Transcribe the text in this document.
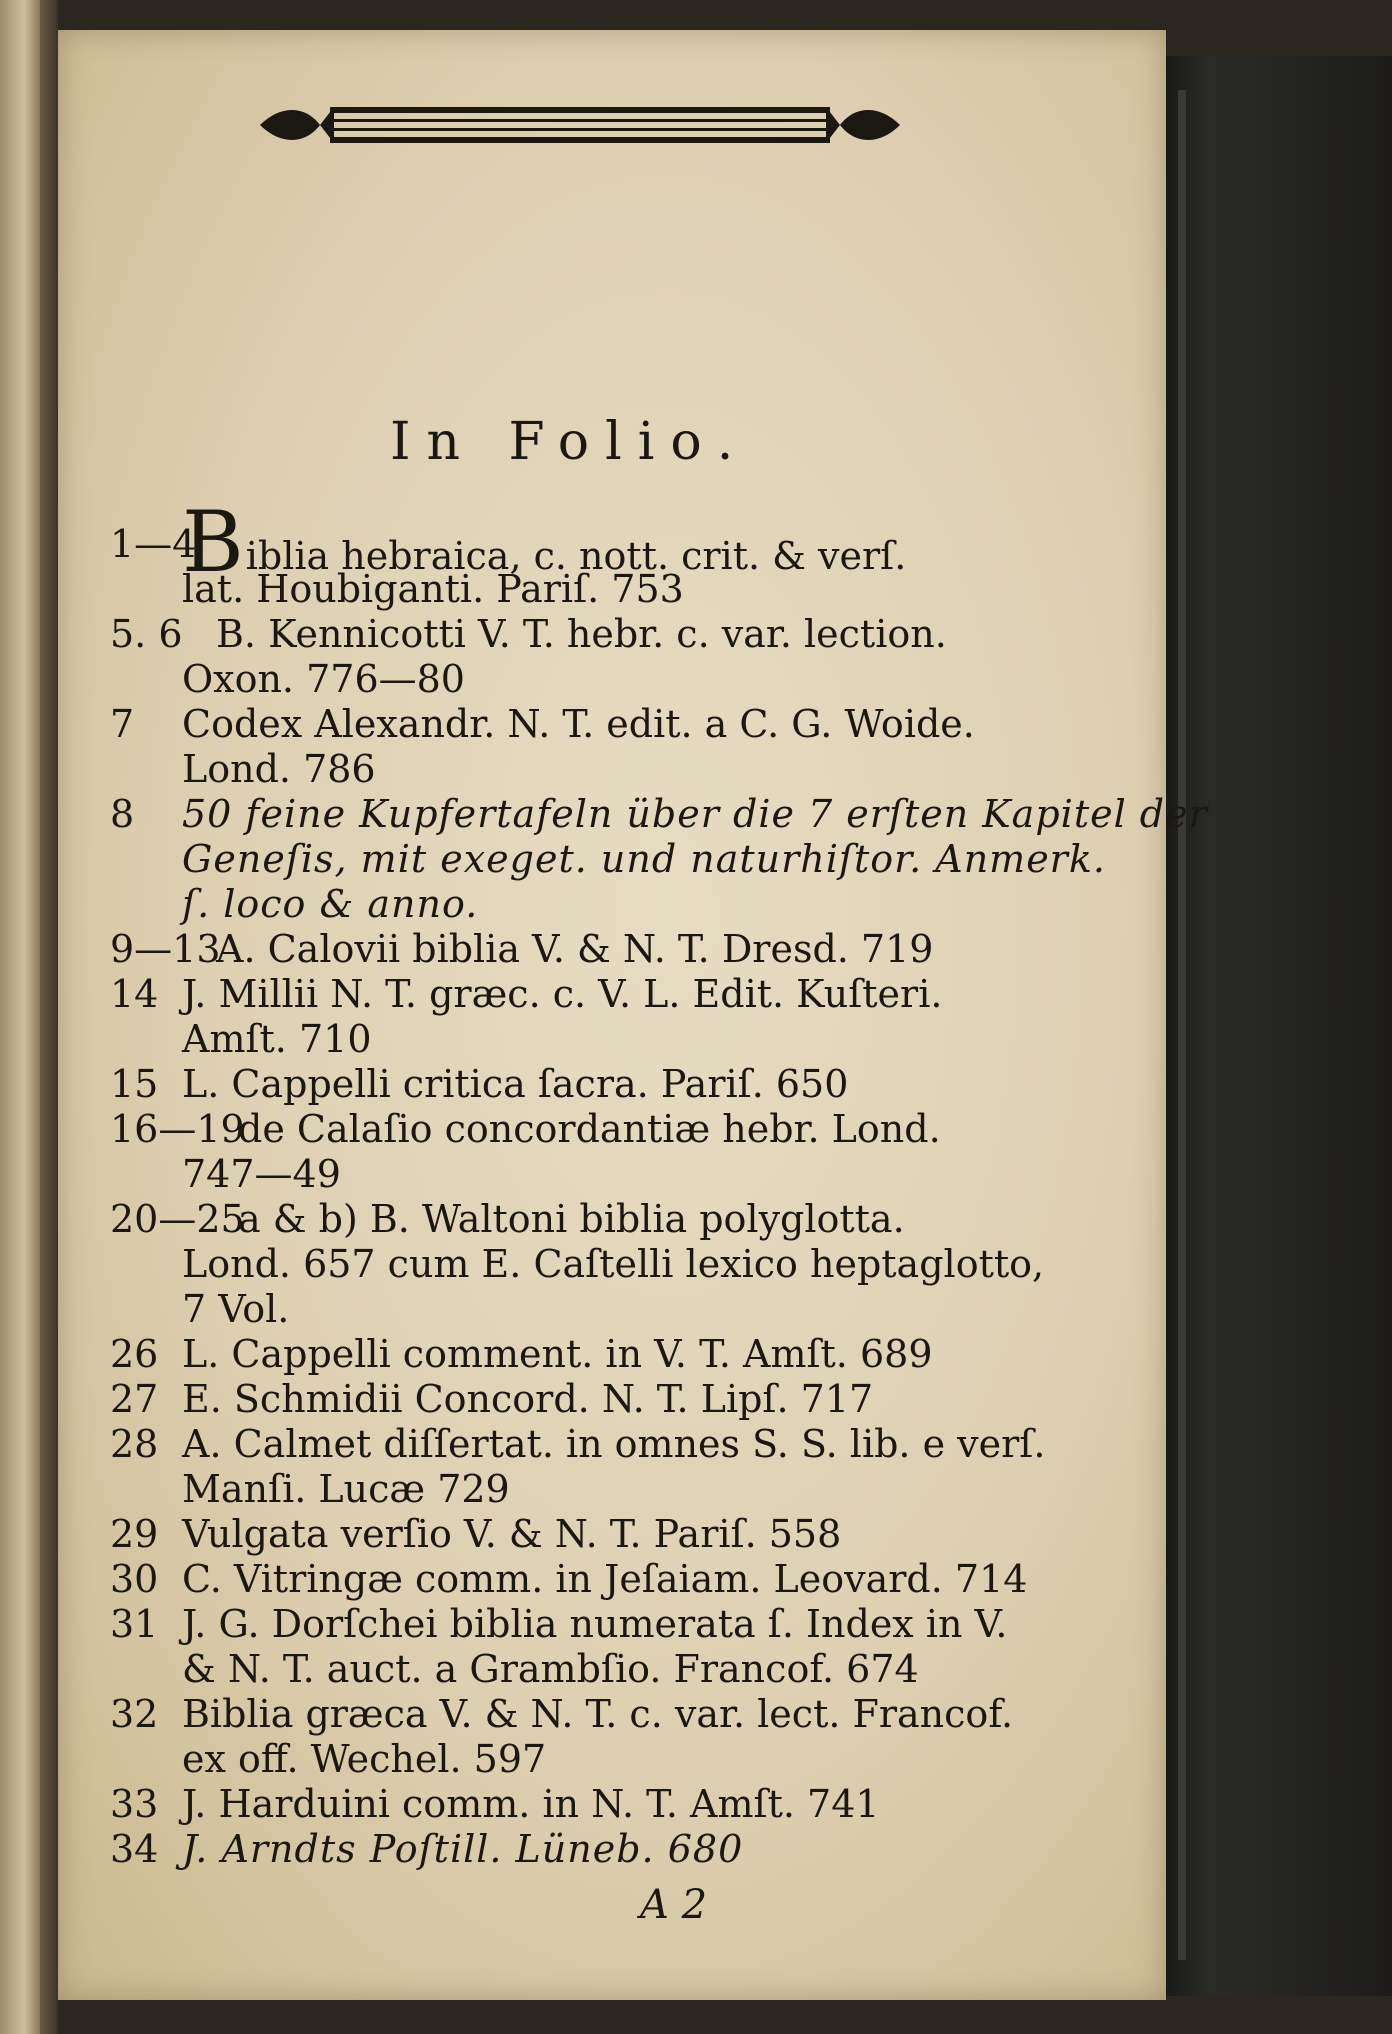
In Folio.
1—4
Biblia hebraica, c. nott. crit. & verſ.
lat. Houbiganti. Pariſ. 753
5. 6 B. Kennicotti V. T. hebr. c. var. lection.
Oxon. 776—80
7 Codex Alexandr. N. T. edit. a C. G. Woide.
Lond. 786
8 50 feine Kupfertafeln über die 7 erſten Kapitel der
Geneſis, mit exeget. und naturhiſtor. Anmerk.
ſ. loco & anno.
9—13
A. Calovii biblia V. & N. T. Dresd. 719
14 J. Millii N. T. græc. c. V. L. Edit. Kuſteri.
Amſt. 710
15 L. Cappelli critica ſacra. Pariſ. 650
16—19
de Calaſio concordantiæ hebr. Lond.
747—49
20—25
a & b) B. Waltoni biblia polyglotta.
Lond. 657 cum E. Caſtelli lexico heptaglotto,
7 Vol.
26 L. Cappelli comment. in V. T. Amſt. 689
27 E. Schmidii Concord. N. T. Lipſ. 717
28 A. Calmet diſſertat. in omnes S. S. lib. e verſ.
Manſi. Lucæ 729
29 Vulgata verſio V. & N. T. Pariſ. 558
30 C. Vitringæ comm. in Jeſaiam. Leovard. 714
31 J. G. Dorſchei biblia numerata ſ. Index in V.
& N. T. auct. a Grambſio. Francof. 674
32 Biblia græca V. & N. T. c. var. lect. Francof.
ex off. Wechel. 597
33 J. Harduini comm. in N. T. Amſt. 741
34 J. Arndts Poſtill. Lüneb. 680
A 2
